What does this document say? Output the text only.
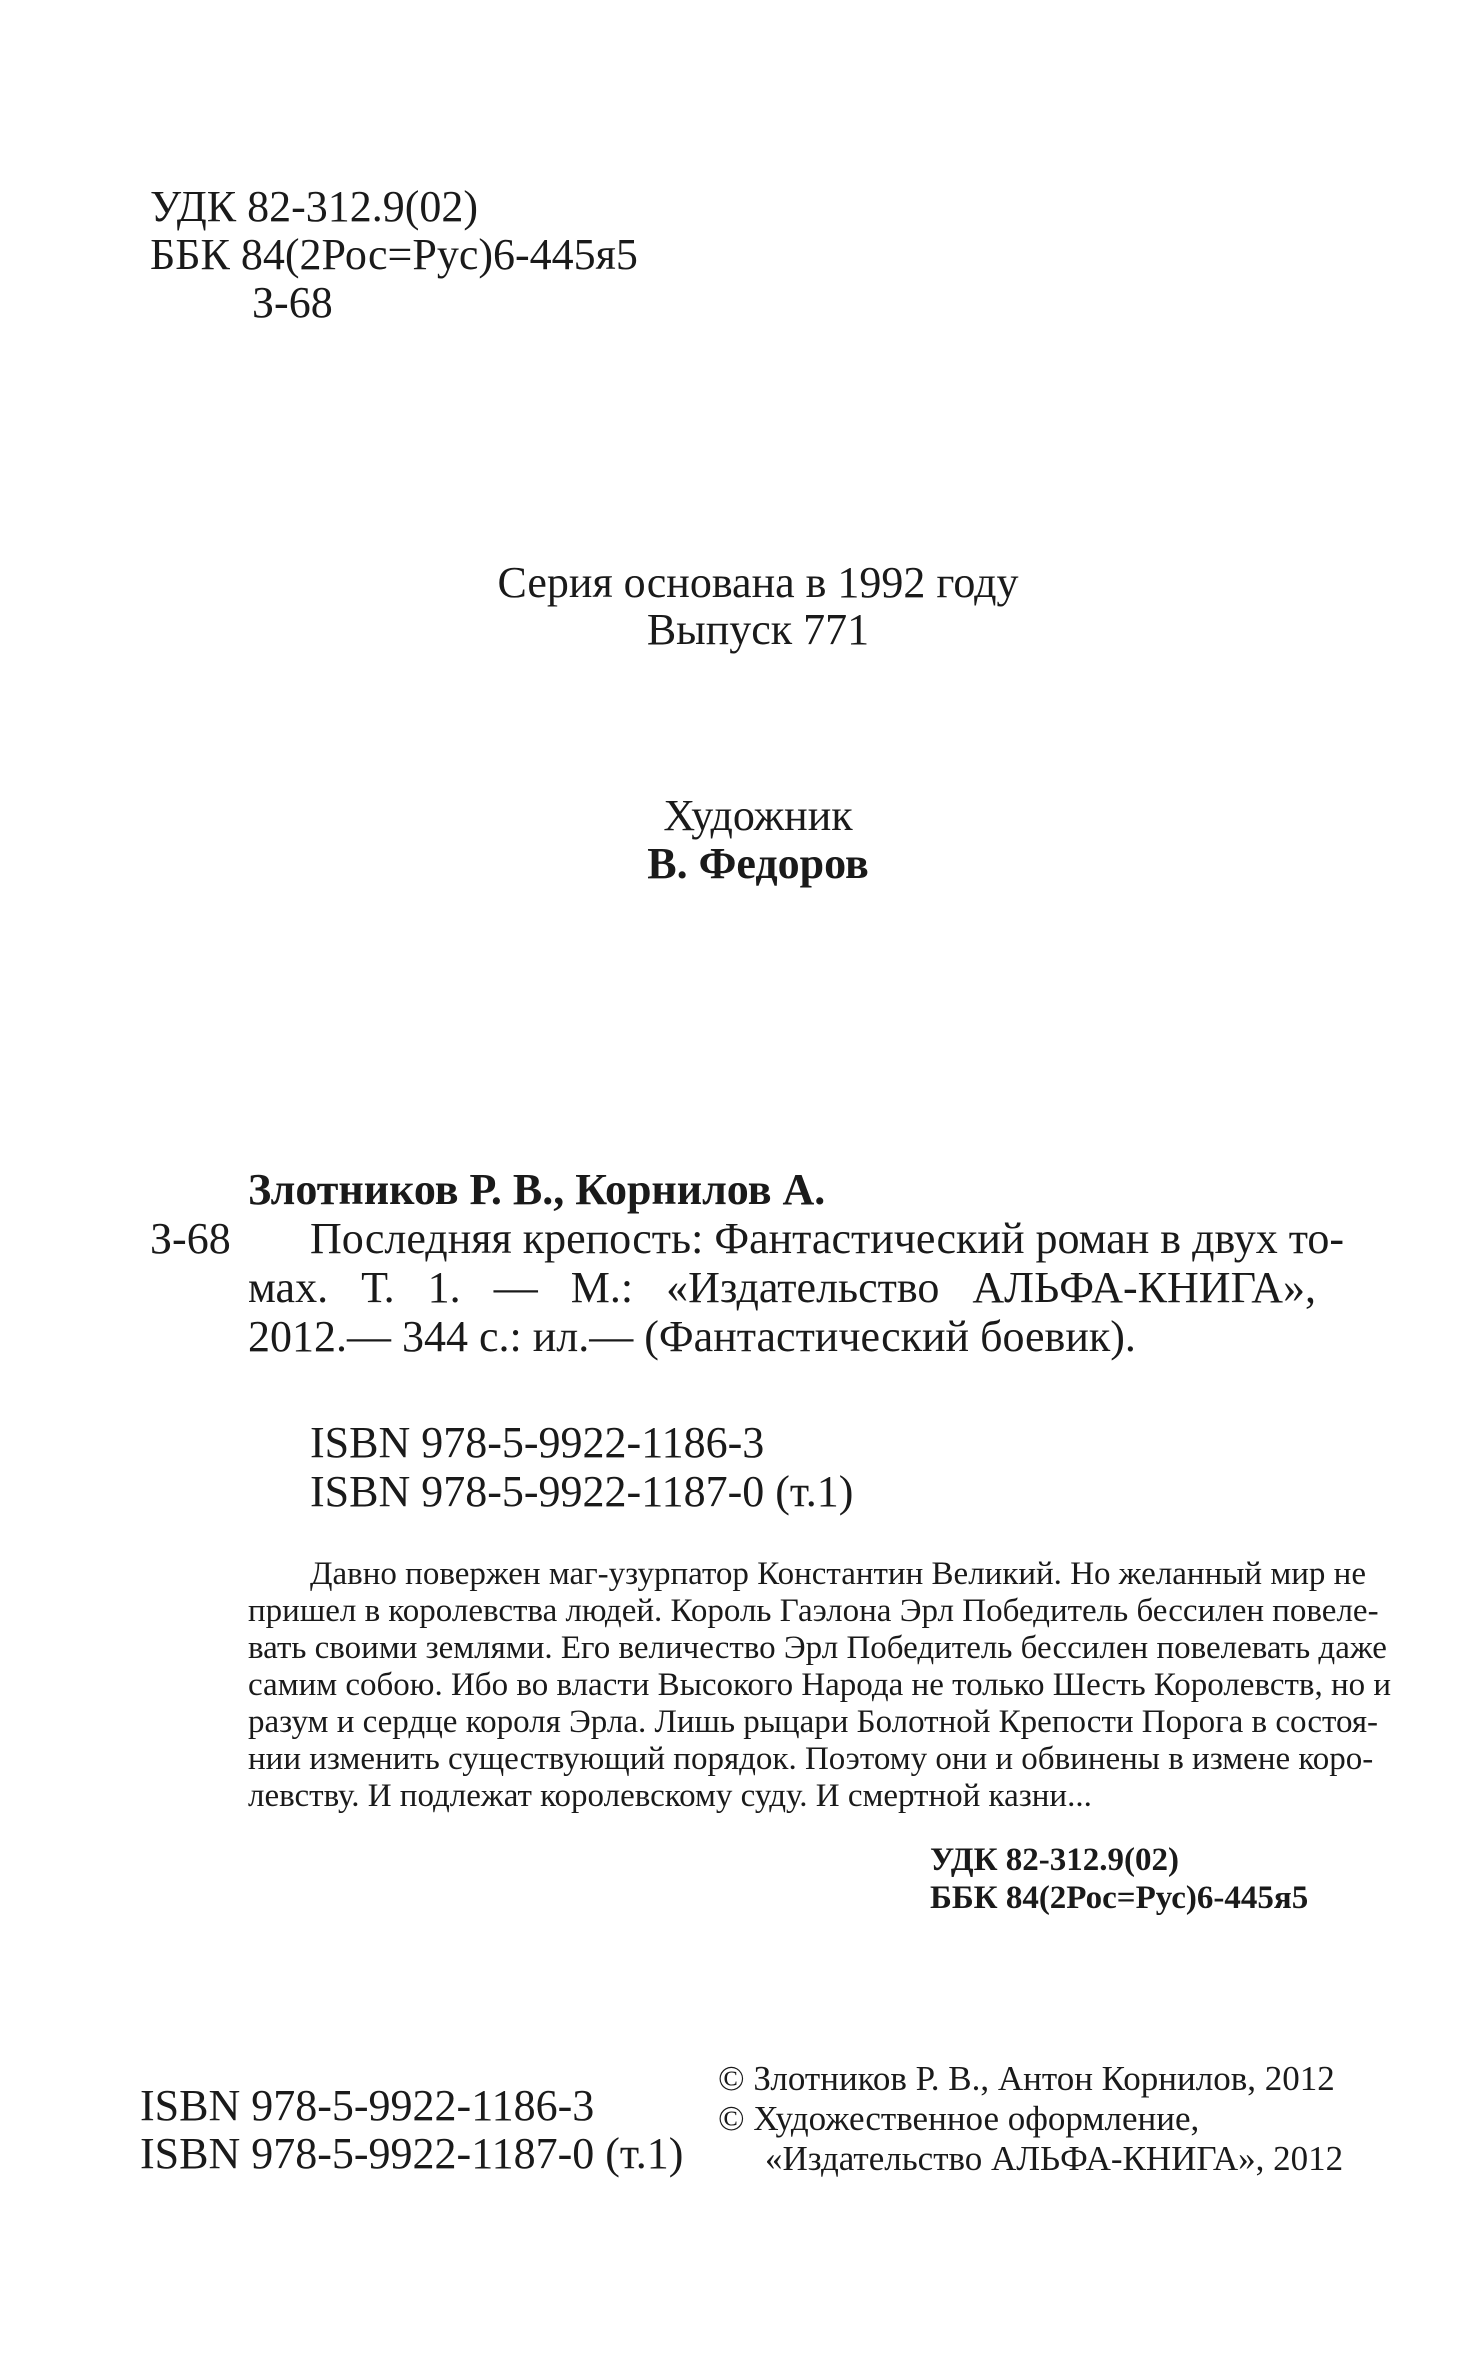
УДК 82-312.9(02)
ББК 84(2Рос=Рус)6-445я5
З-68
Серия основана в 1992 году
Выпуск 771
Художник
В. Федоров
Злотников Р. В., Корнилов А.
З-68 Последняя крепость: Фантастический роман в двух то-
мах. Т. 1. — М.: «Издательство АЛЬФА-КНИГА»,
2012.— 344 с.: ил.— (Фантастический боевик).
ISBN 978-5-9922-1186-3
ISBN 978-5-9922-1187-0 (т.1)
Давно повержен маг-узурпатор Константин Великий. Но желанный мир не
пришел в королевства людей. Король Гаэлона Эрл Победитель бессилен повеле-
вать своими землями. Его величество Эрл Победитель бессилен повелевать даже
самим собою. Ибо во власти Высокого Народа не только Шесть Королевств, но и
разум и сердце короля Эрла. Лишь рыцари Болотной Крепости Порога в состоя-
нии изменить существующий порядок. Поэтому они и обвинены в измене коро-
левству. И подлежат королевскому суду. И смертной казни...
УДК 82-312.9(02)
ББК 84(2Рос=Рус)6-445я5
ISBN 978-5-9922-1186-3
ISBN 978-5-9922-1187-0 (т.1)
© Злотников Р. В., Антон Корнилов, 2012
© Художественное оформление,
«Издательство АЛЬФА-КНИГА», 2012
